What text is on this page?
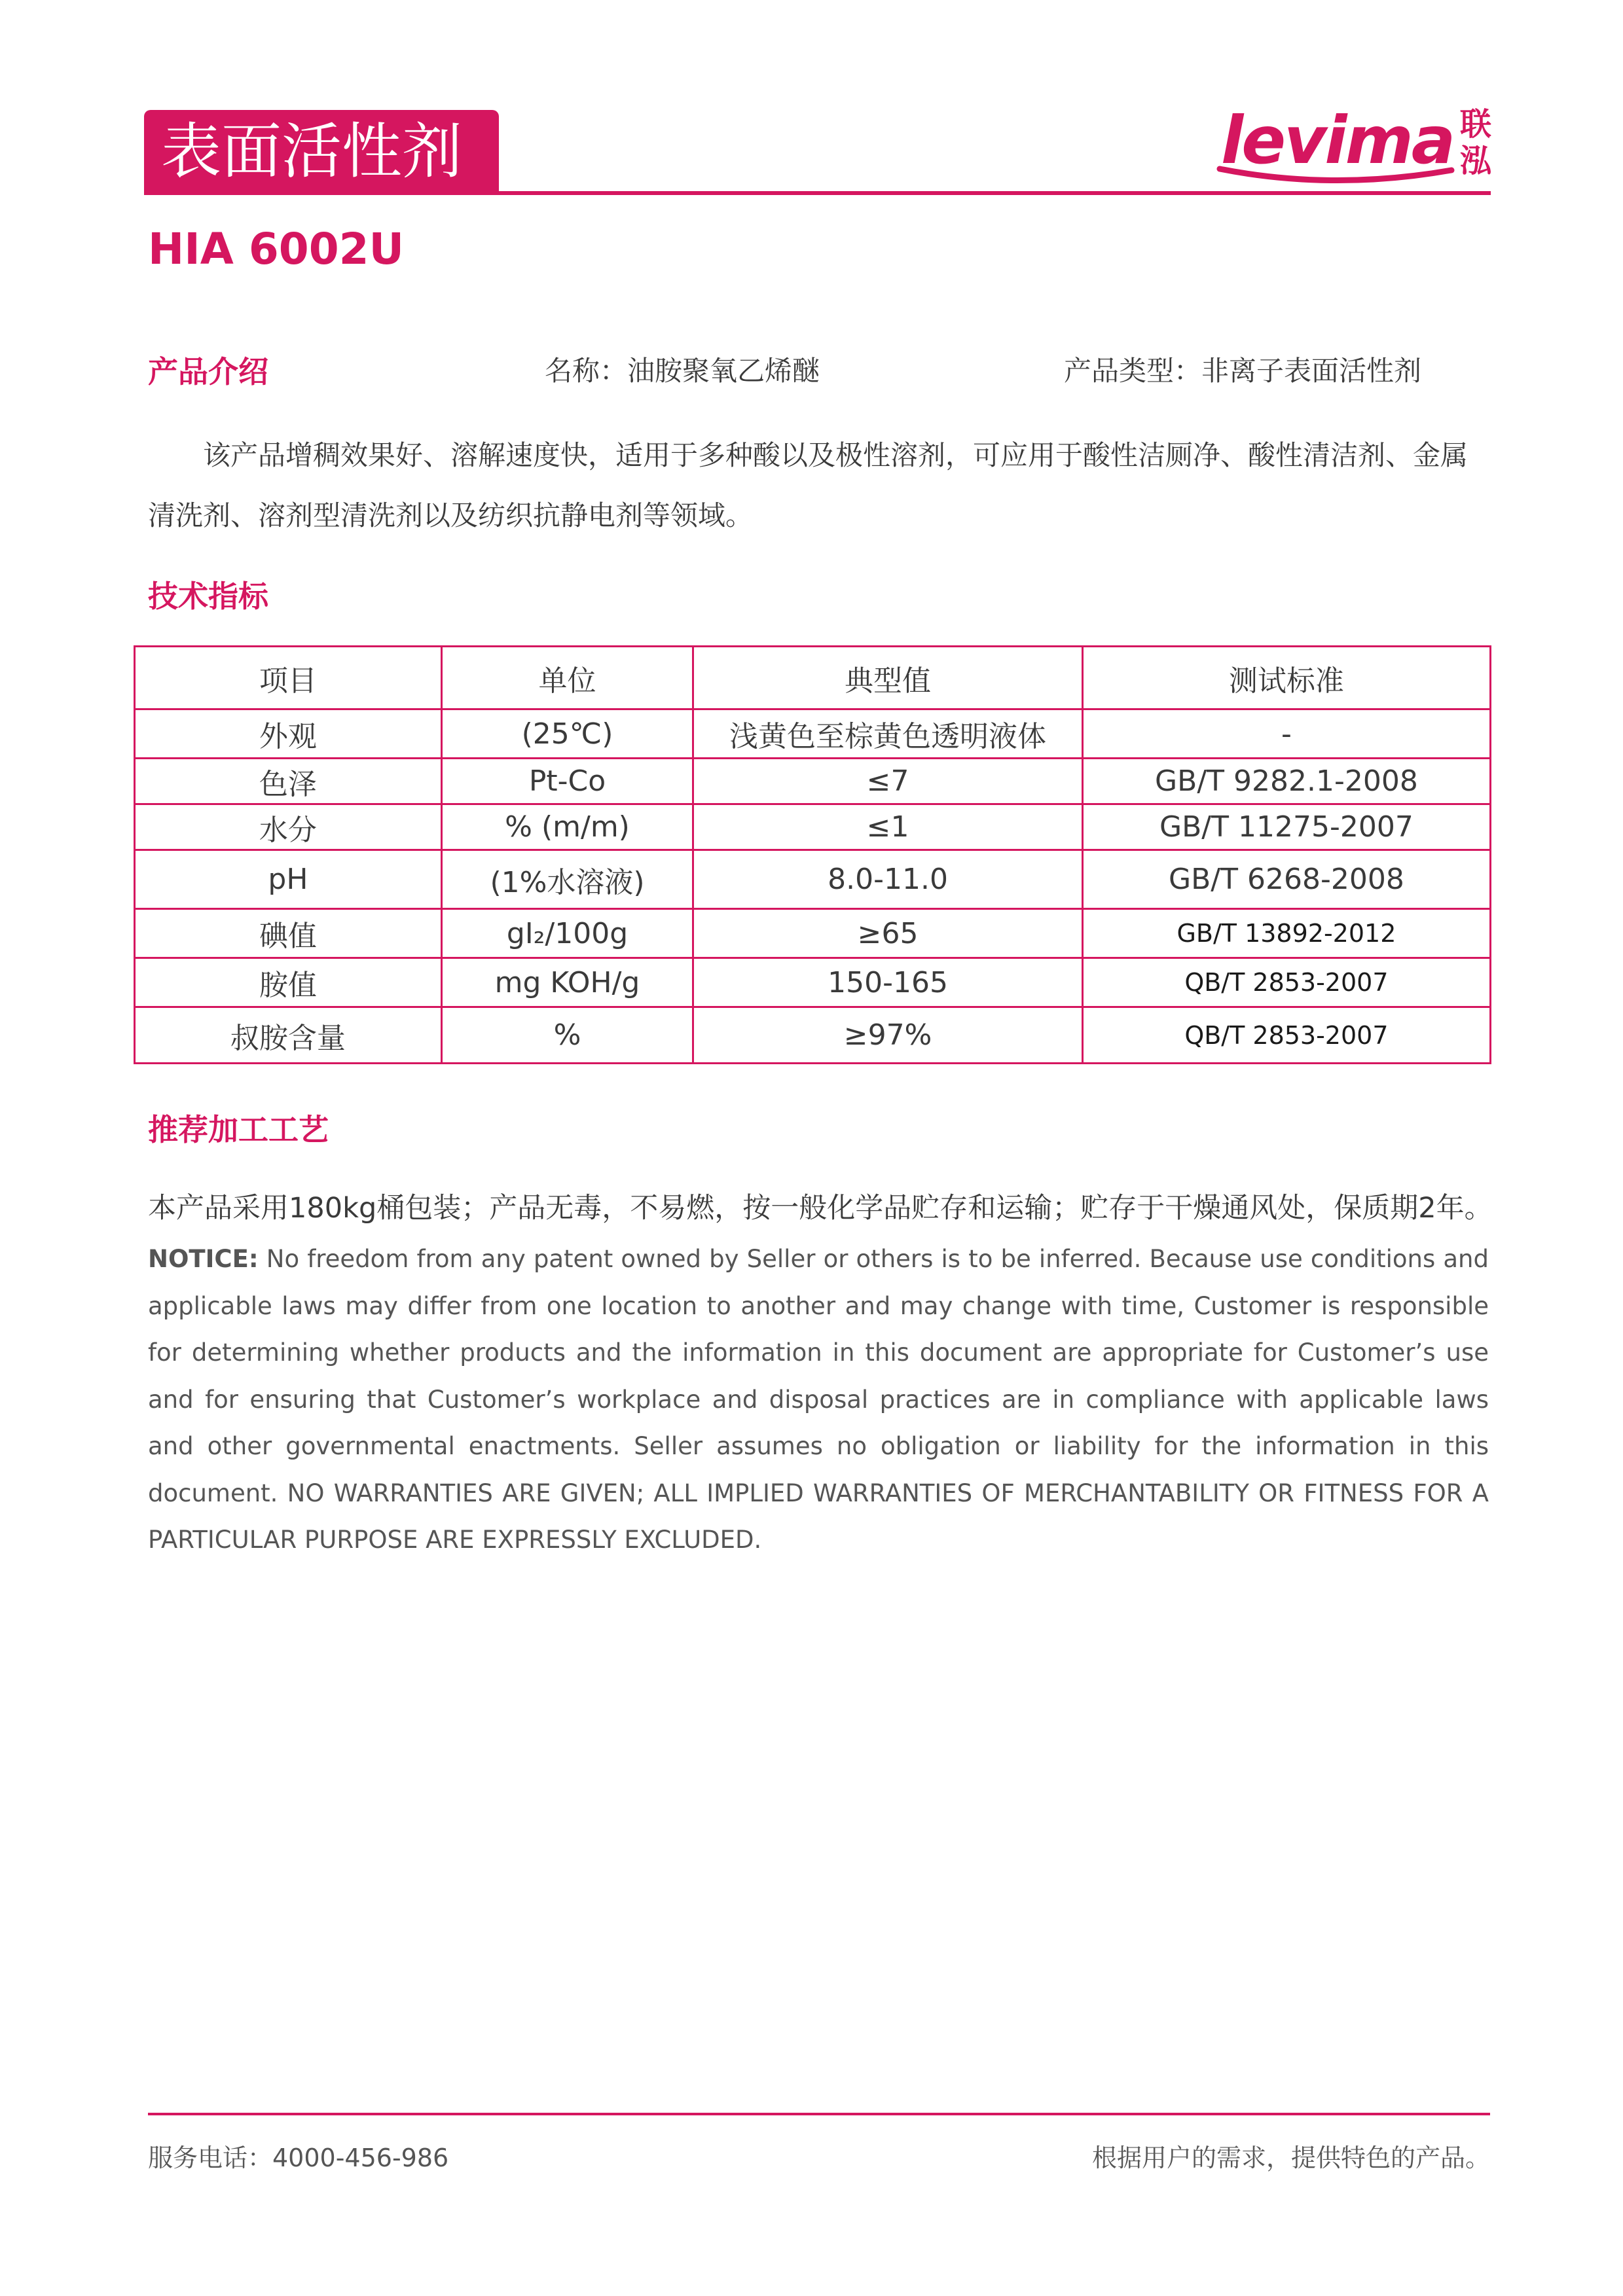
表面活性剂	levima 联
泓
HIA 6002U
产品介绍	名称：油胺聚氧乙烯醚	产品类型：非离子表面活性剂
该产品增稠效果好、溶解速度快，适用于多种酸以及极性溶剂，可应用于酸性洁厕净、酸性清洁剂、金属清洗剂、溶剂型清洗剂以及纺织抗静电剂等领域。
技术指标
项目	单位	典型值	测试标准
外观	(25℃)	浅黄色至棕黄色透明液体	-
色泽	Pt-Co	≤7	GB/T 9282.1-2008
水分	% (m/m)	≤1	GB/T 11275-2007
pH	(1%水溶液)	8.0-11.0	GB/T 6268-2008
碘值	gI₂/100g	≥65	GB/T 13892-2012
胺值	mg KOH/g	150-165	QB/T 2853-2007
叔胺含量	%	≥97%	QB/T 2853-2007
推荐加工工艺
本产品采用180kg桶包装；产品无毒，不易燃，按一般化学品贮存和运输；贮存于干燥通风处，保质期2年。

NOTICE: No freedom from any patent owned by Seller or others is to be inferred. Because use conditions and applicable laws may differ from one location to another and may change with time, Customer is responsible for determining whether products and the information in this document are appropriate for Customer’s use and for ensuring that Customer’s workplace and disposal practices are in compliance with applicable laws and other governmental enactments. Seller assumes no obligation or liability for the information in this document. NO WARRANTIES ARE GIVEN; ALL IMPLIED WARRANTIES OF MERCHANTABILITY OR FITNESS FOR A PARTICULAR PURPOSE ARE EXPRESSLY EXCLUDED.

服务电话：4000-456-986	根据用户的需求，提供特色的产品。
